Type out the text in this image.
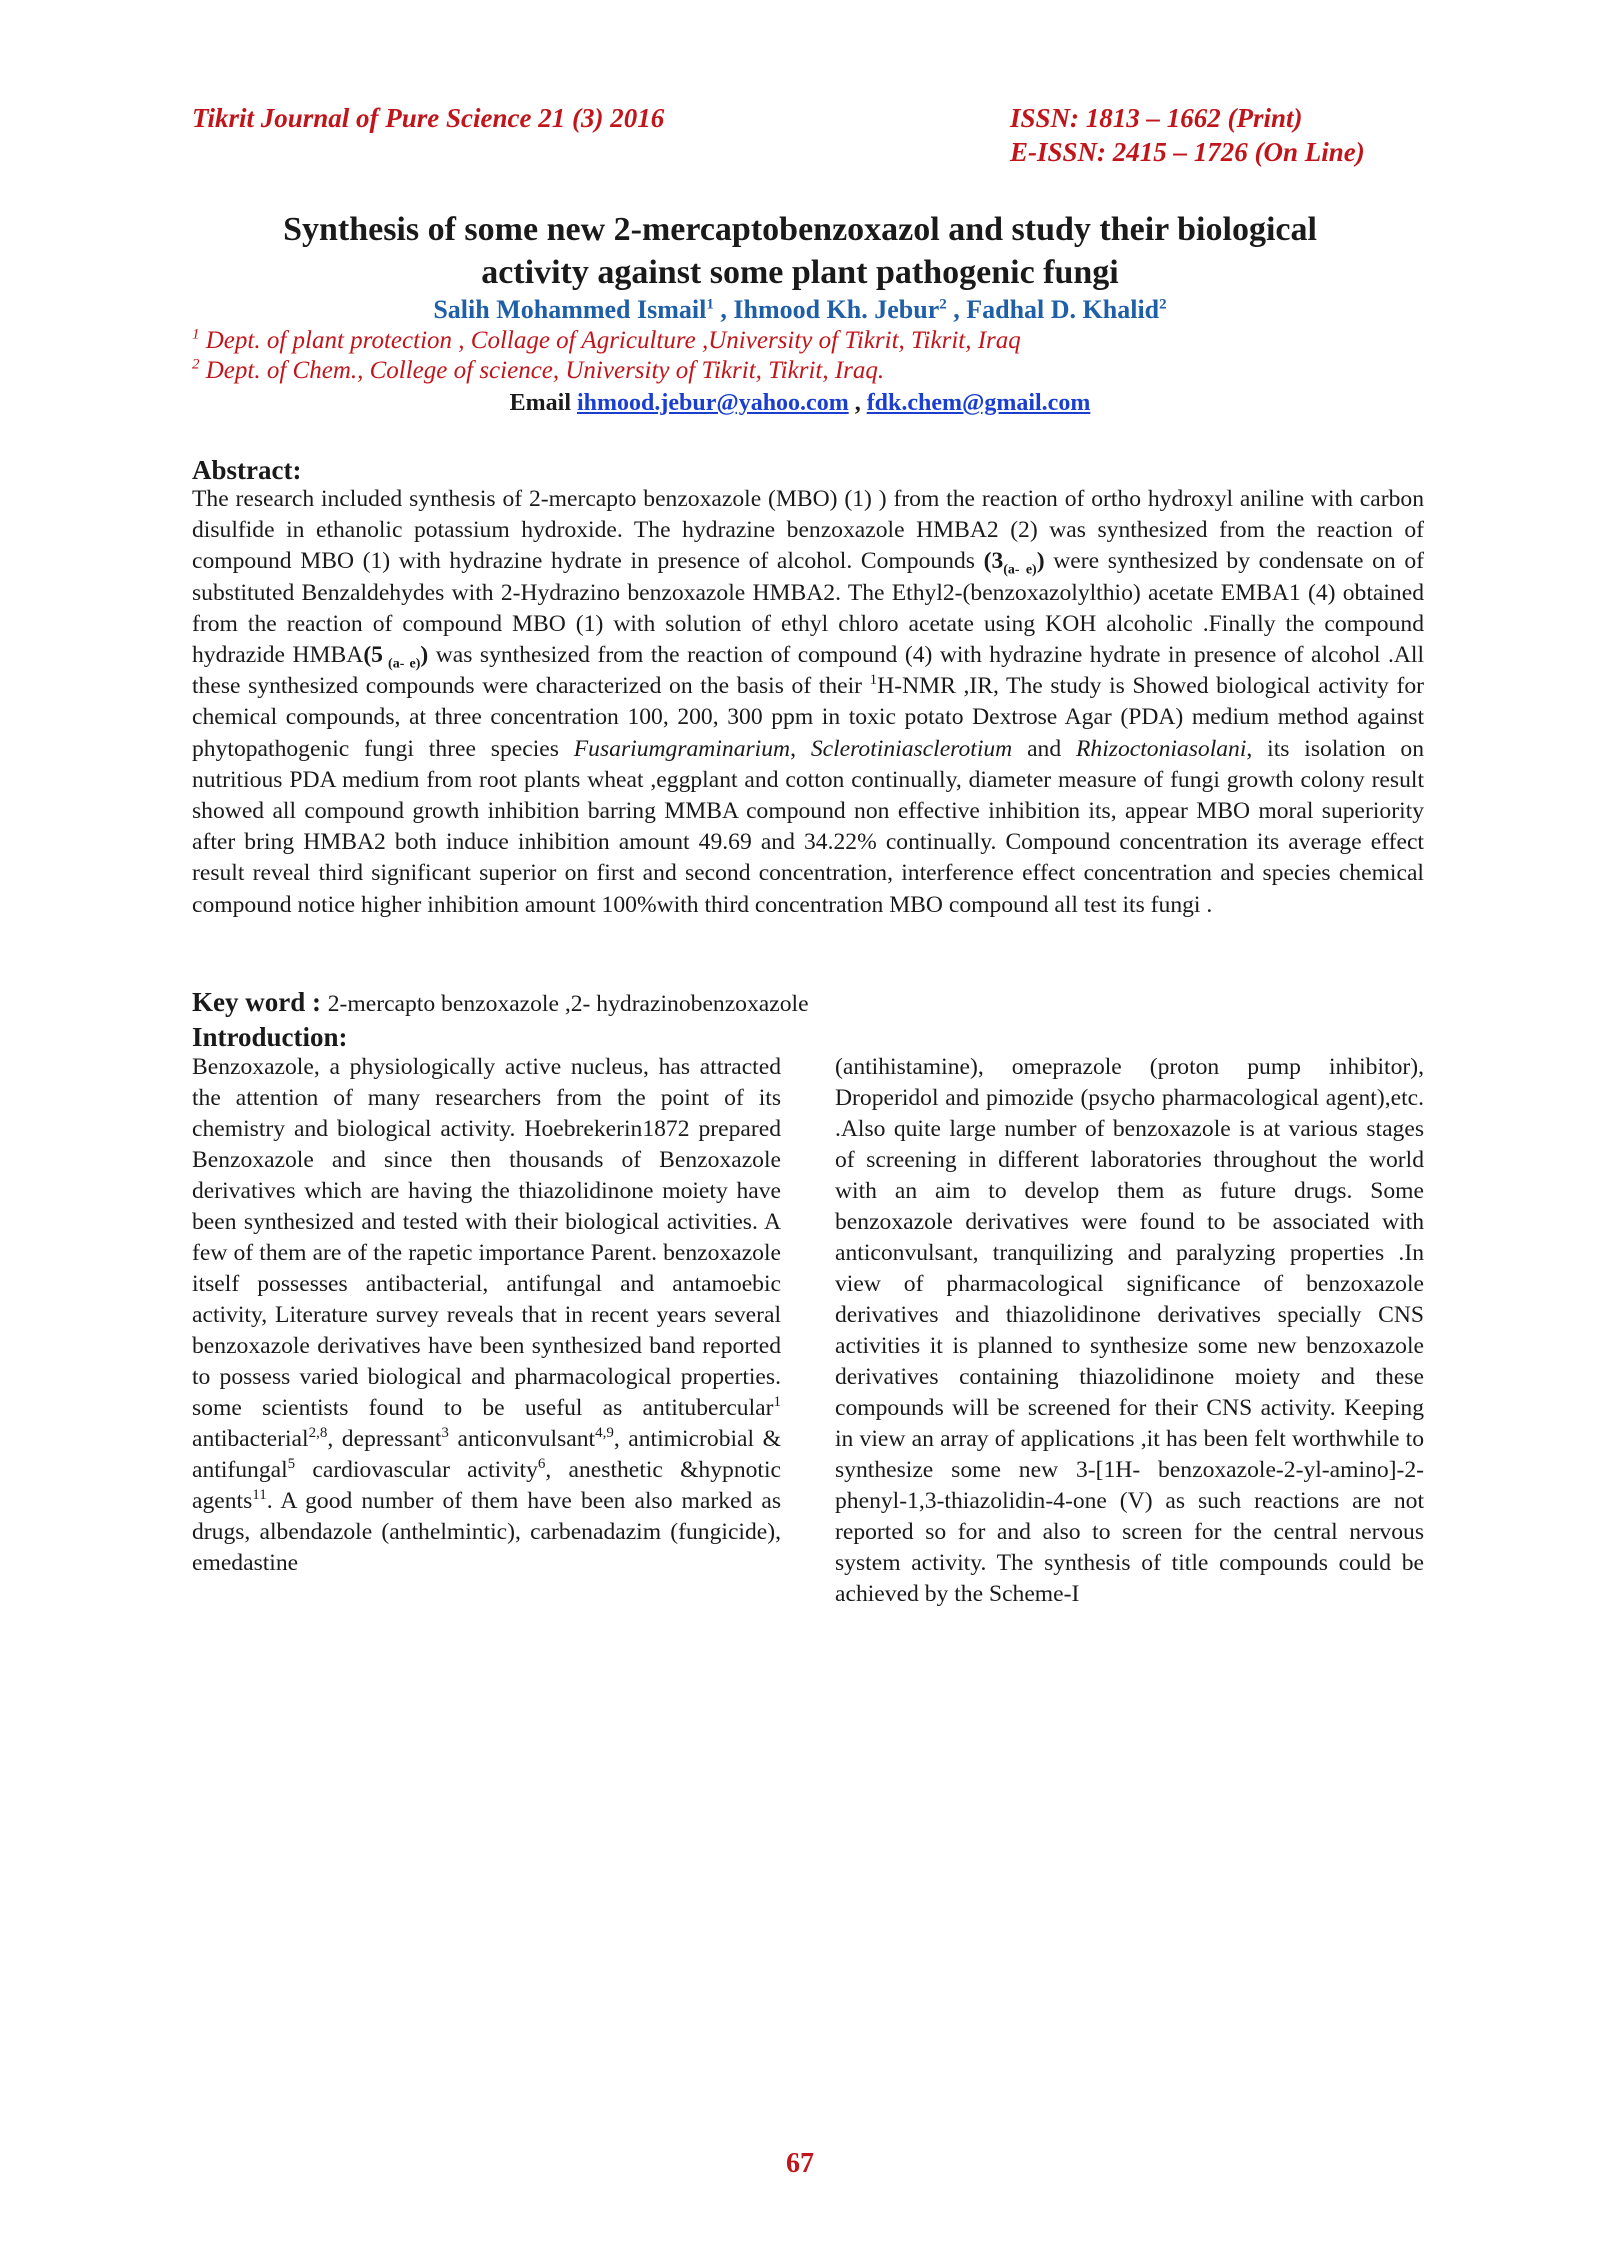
Tikrit Journal of Pure Science 21 (3) 2016	ISSN: 1813 – 1662 (Print)
E-ISSN: 2415 – 1726 (On Line)
Synthesis of some new 2-mercaptobenzoxazol and study their biological
activity against some plant pathogenic fungi
Salih Mohammed Ismail$^1$ , Ihmood Kh. Jebur$^2$ , Fadhal D. Khalid$^2$
$^1$ Dept. of plant protection , Collage of Agriculture ,University of Tikrit, Tikrit, Iraq
$^2$ Dept. of Chem., College of science, University of Tikrit, Tikrit, Iraq.
Email ihmood.jebur@yahoo.com , fdk.chem@gmail.com
Abstract:
The research included synthesis of 2-mercapto benzoxazole (MBO) (1) ) from the reaction of ortho hydroxyl aniline with carbon disulfide in ethanolic potassium hydroxide. The hydrazine benzoxazole HMBA2 (2) was synthesized from the reaction of compound MBO (1) with hydrazine hydrate in presence of alcohol. Compounds $(3_{(a- e)})$ were synthesized by condensate on of substituted Benzaldehydes with 2-Hydrazino benzoxazole HMBA2. The Ethyl2-(benzoxazolylthio) acetate EMBA1 (4) obtained from the reaction of compound MBO (1) with solution of ethyl chloro acetate using KOH alcoholic .Finally the compound hydrazide HMBA(5 $_{(a- e)}$) was synthesized from the reaction of compound (4) with hydrazine hydrate in presence of alcohol .All these synthesized compounds were characterized on the basis of their $^1$H-NMR ,IR, The study is Showed biological activity for chemical compounds, at three concentration 100, 200, 300 ppm in toxic potato Dextrose Agar (PDA) medium method against phytopathogenic fungi three species Fusariumgraminarium, Sclerotiniasclerotium and Rhizoctoniasolani, its isolation on nutritious PDA medium from root plants wheat ,eggplant and cotton continually, diameter measure of fungi growth colony result showed all compound growth inhibition barring MMBA compound non effective inhibition its, appear MBO moral superiority after bring HMBA2 both induce inhibition amount 49.69 and 34.22% continually. Compound concentration its average effect result reveal third significant superior on first and second concentration, interference effect concentration and species chemical compound notice higher inhibition amount 100%with third concentration MBO compound all test its fungi .
Key word : 2-mercapto benzoxazole ,2- hydrazinobenzoxazole
Introduction:
Benzoxazole, a physiologically active nucleus, has attracted the attention of many researchers from the point of its chemistry and biological activity. Hoebrekerin1872 prepared Benzoxazole and since then thousands of Benzoxazole derivatives which are having the thiazolidinone moiety have been synthesized and tested with their biological activities. A few of them are of the rapetic importance Parent. benzoxazole itself possesses antibacterial, antifungal and antamoebic activity, Literature survey reveals that in recent years several benzoxazole derivatives have been synthesized band reported to possess varied biological and pharmacological properties. some scientists found to be useful as antitubercular$^1$ antibacterial$^{2,8}$, depressant$^3$ anticonvulsant$^{4,9}$, antimicrobial & antifungal$^5$ cardiovascular activity$^6$, anesthetic &hypnotic agents$^{11}$. A good number of them have been also marked as drugs, albendazole (anthelmintic), carbenadazim (fungicide), emedastine
(antihistamine), omeprazole (proton pump inhibitor), Droperidol and pimozide (psycho pharmacological agent),etc. .Also quite large number of benzoxazole is at various stages of screening in different laboratories throughout the world with an aim to develop them as future drugs. Some benzoxazole derivatives were found to be associated with anticonvulsant, tranquilizing and paralyzing properties .In view of pharmacological significance of benzoxazole derivatives and thiazolidinone derivatives specially CNS activities it is planned to synthesize some new benzoxazole derivatives containing thiazolidinone moiety and these compounds will be screened for their CNS activity. Keeping in view an array of applications ,it has been felt worthwhile to synthesize some new 3-[1H- benzoxazole-2-yl-amino]-2-phenyl-1,3-thiazolidin-4-one (V) as such reactions are not reported so for and also to screen for the central nervous system activity. The synthesis of title compounds could be achieved by the Scheme-I
67
